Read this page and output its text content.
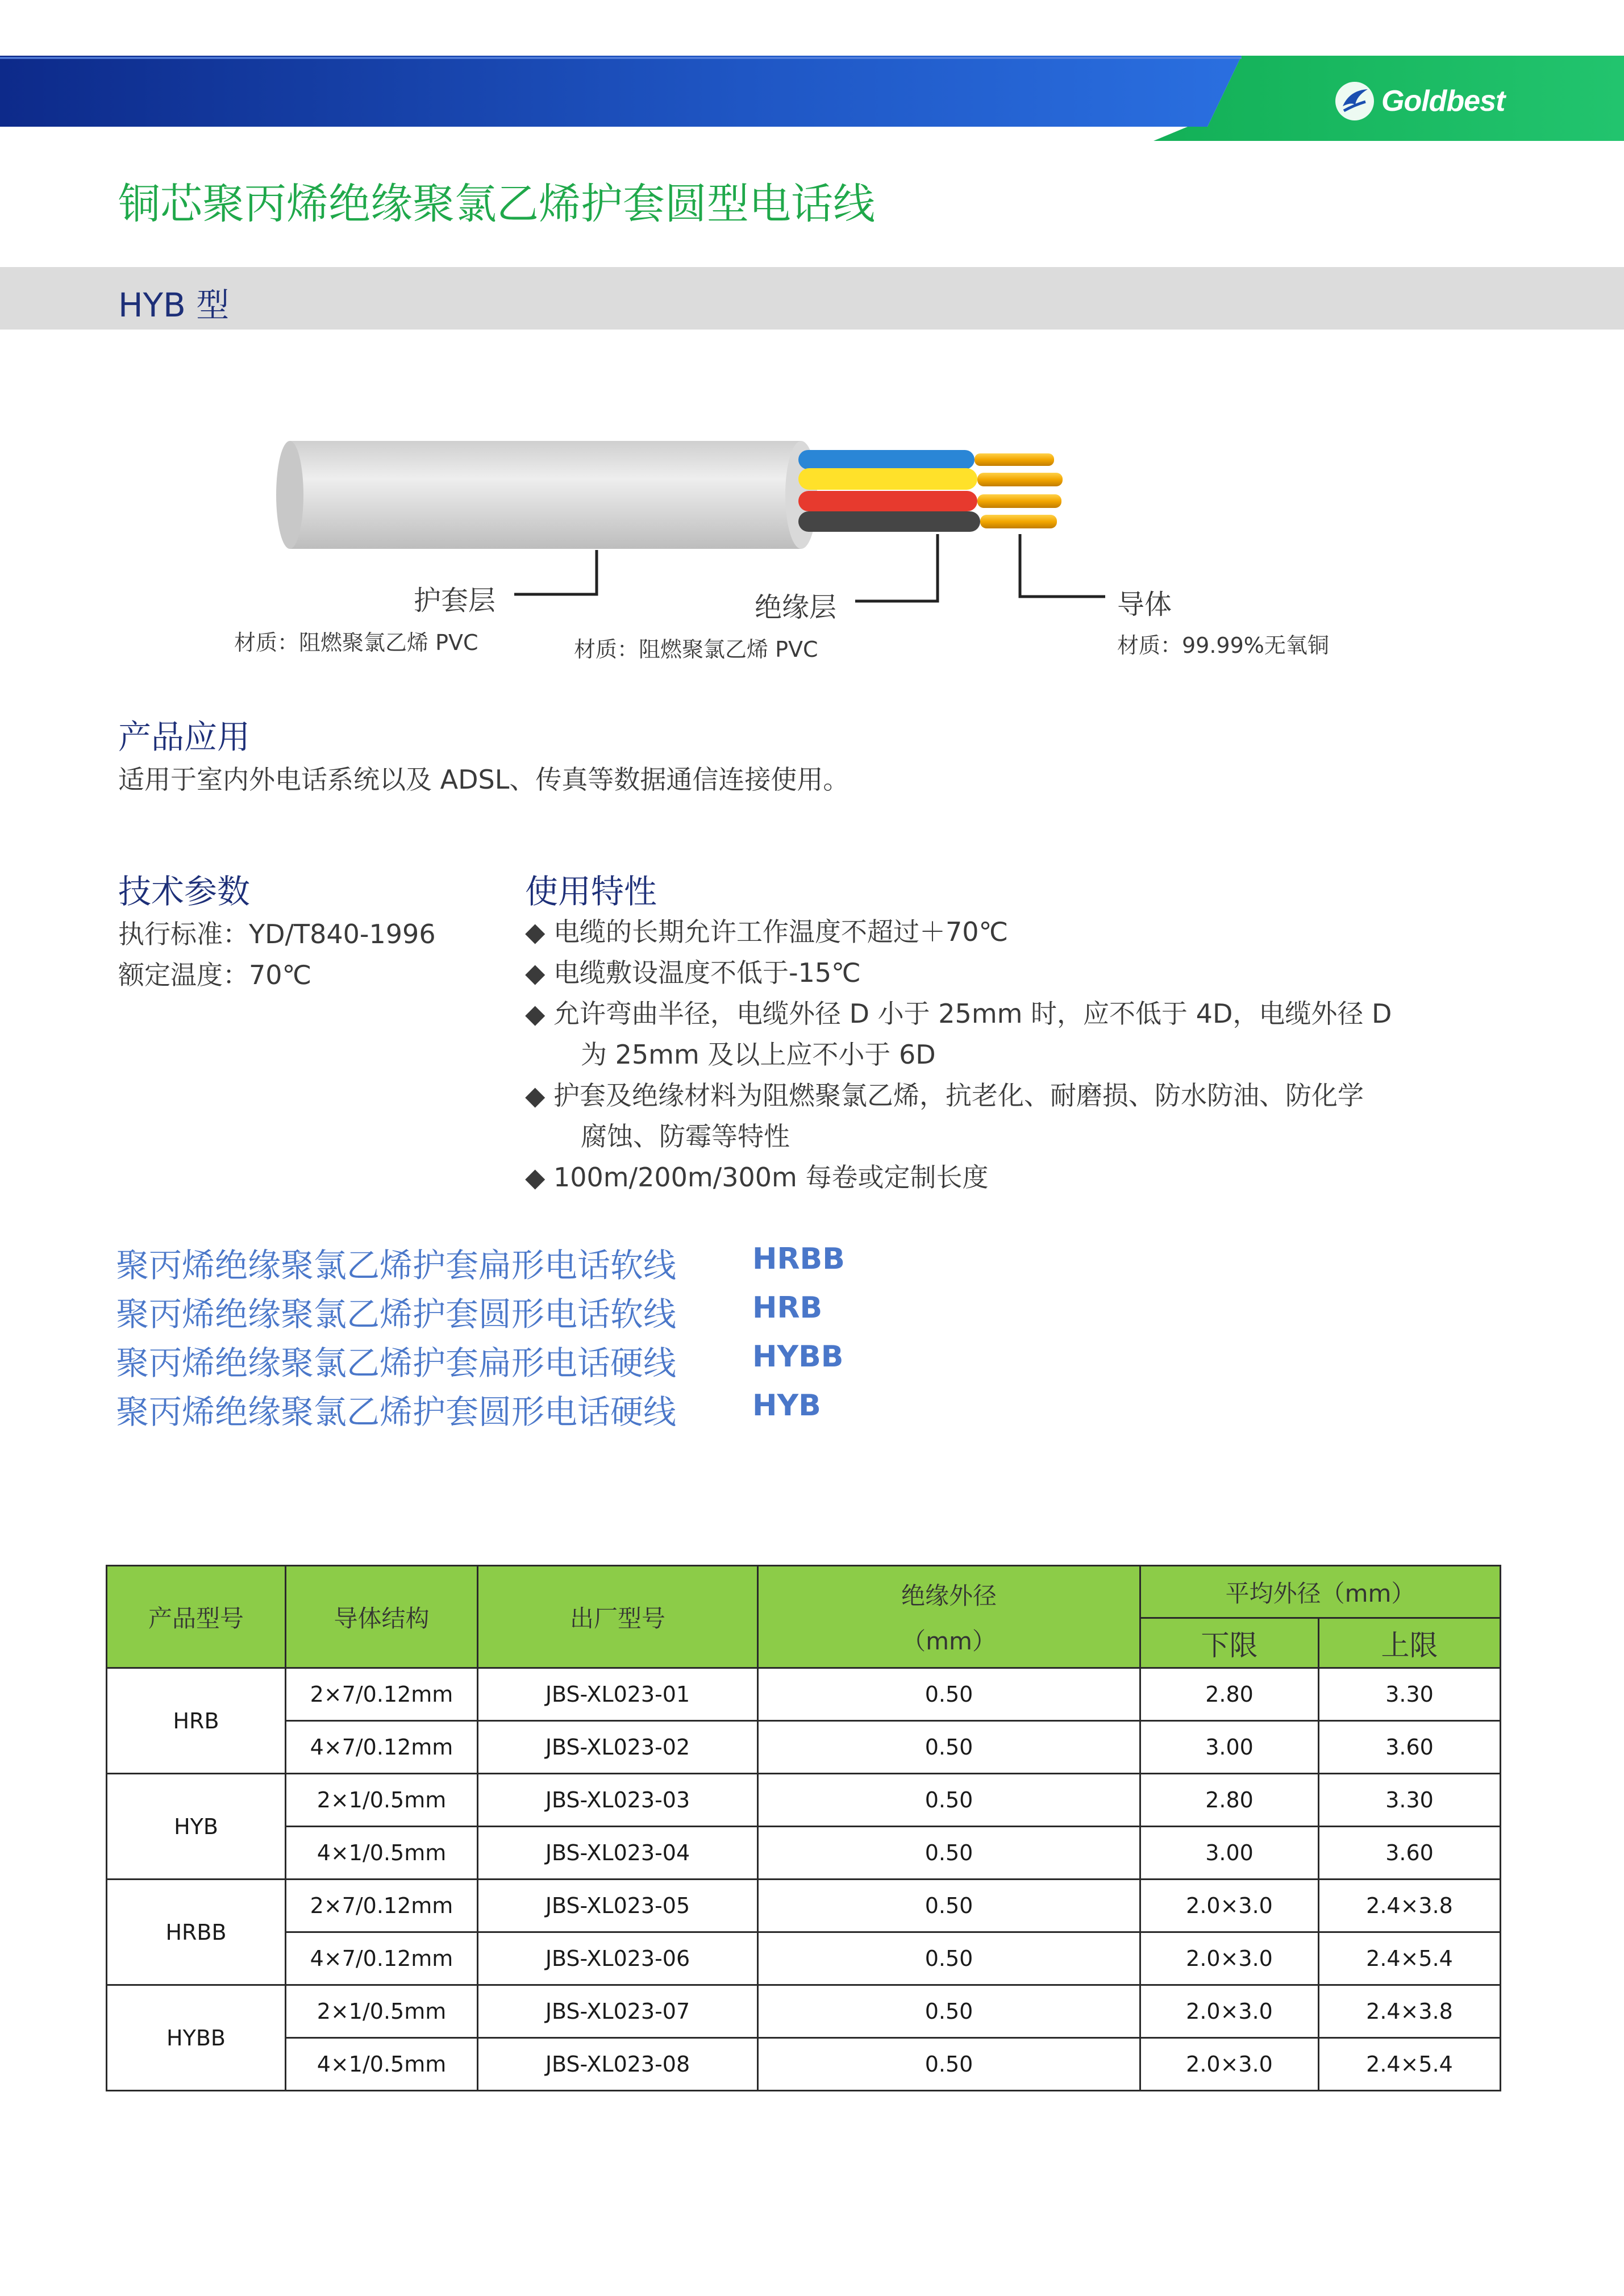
Goldbest
铜芯聚丙烯绝缘聚氯乙烯护套圆型电话线
HYB 型
护套层
材质：阻燃聚氯乙烯 PVC
绝缘层
材质：阻燃聚氯乙烯 PVC
导体
材质：99.99%无氧铜
产品应用
适用于室内外电话系统以及 ADSL、传真等数据通信连接使用。
技术参数
执行标准：YD/T840-1996
额定温度：70℃
使用特性
◆ 电缆的长期允许工作温度不超过＋70℃
◆ 电缆敷设温度不低于-15℃
◆ 允许弯曲半径，电缆外径 D 小于 25mm 时，应不低于 4D，电缆外径 D
为 25mm 及以上应不小于 6D
◆ 护套及绝缘材料为阻燃聚氯乙烯，抗老化、耐磨损、防水防油、防化学
腐蚀、防霉等特性
◆ 100m/200m/300m 每卷或定制长度
聚丙烯绝缘聚氯乙烯护套扁形电话软线	HRBB
聚丙烯绝缘聚氯乙烯护套圆形电话软线	HRB
聚丙烯绝缘聚氯乙烯护套扁形电话硬线	HYBB
聚丙烯绝缘聚氯乙烯护套圆形电话硬线	HYB
产品型号	导体结构	出厂型号	绝缘外径
（mm）	平均外径（mm）	
				下限	上限
HRB	2×7/0.12mm	JBS-XL023-01	0.50	2.80	3.30
	4×7/0.12mm	JBS-XL023-02	0.50	3.00	3.60
HYB	2×1/0.5mm	JBS-XL023-03	0.50	2.80	3.30
	4×1/0.5mm	JBS-XL023-04	0.50	3.00	3.60
HRBB	2×7/0.12mm	JBS-XL023-05	0.50	2.0×3.0	2.4×3.8
	4×7/0.12mm	JBS-XL023-06	0.50	2.0×3.0	2.4×5.4
HYBB	2×1/0.5mm	JBS-XL023-07	0.50	2.0×3.0	2.4×3.8
	4×1/0.5mm	JBS-XL023-08	0.50	2.0×3.0	2.4×5.4
